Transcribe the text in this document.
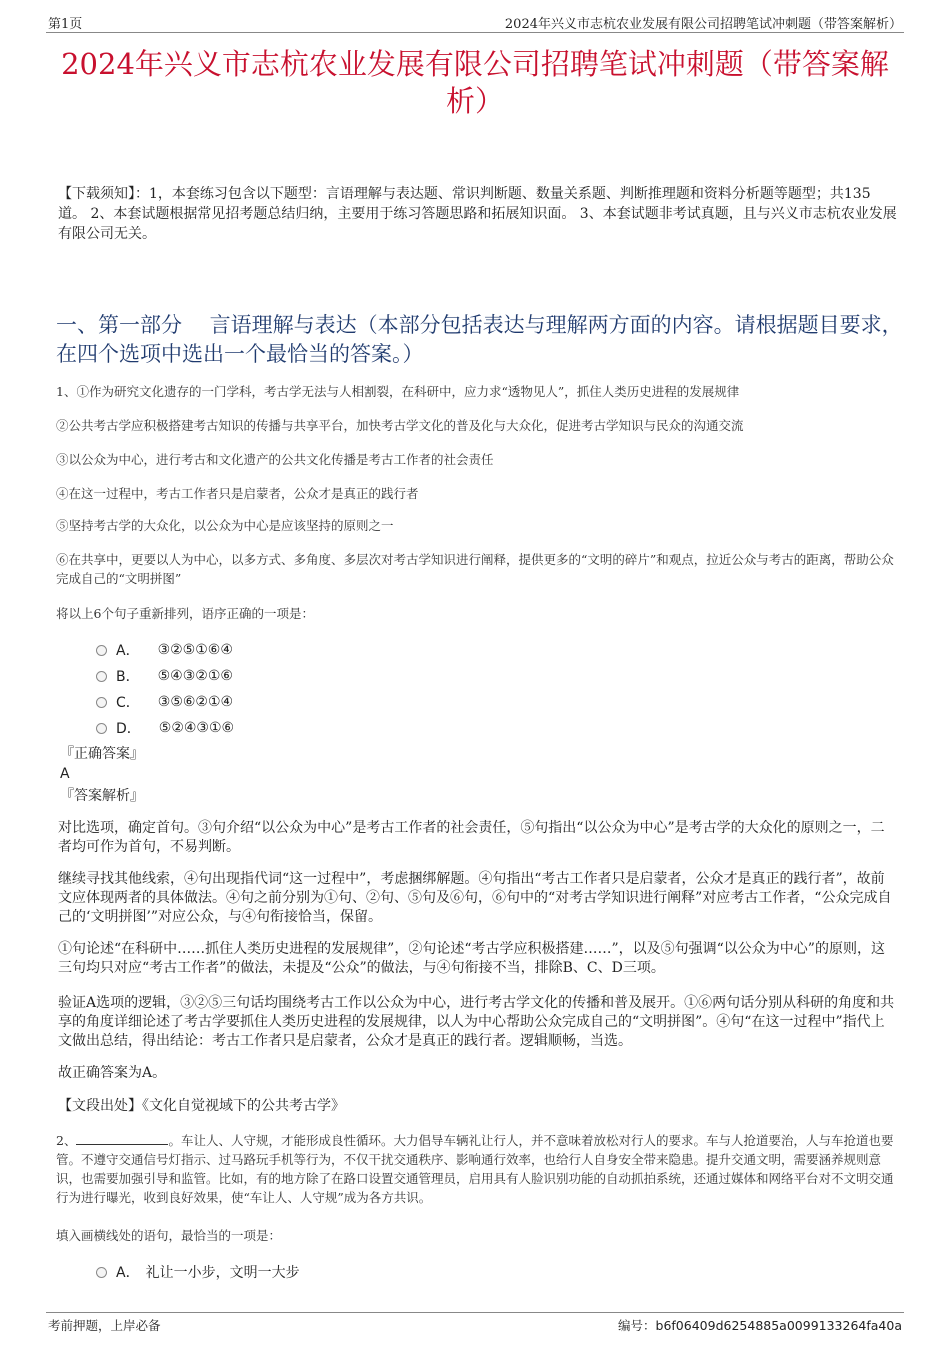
第1页	2024年兴义市志杭农业发展有限公司招聘笔试冲刺题（带答案解析）
2024年兴义市志杭农业发展有限公司招聘笔试冲刺题（带答案解析）
【下载须知】：1，本套练习包含以下题型：言语理解与表达题、常识判断题、数量关系题、判断推理题和资料分析题等题型；共135道。 2、本套试题根据常见招考题总结归纳，主要用于练习答题思路和拓展知识面。 3、本套试题非考试真题，且与兴义市志杭农业发展有限公司无关。
一、第一部分　 言语理解与表达（本部分包括表达与理解两方面的内容。请根据题目要求，在四个选项中选出一个最恰当的答案。）
1、①作为研究文化遗存的一门学科，考古学无法与人相割裂，在科研中，应力求“透物见人”，抓住人类历史进程的发展规律
②公共考古学应积极搭建考古知识的传播与共享平台，加快考古学文化的普及化与大众化，促进考古学知识与民众的沟通交流
③以公众为中心，进行考古和文化遗产的公共文化传播是考古工作者的社会责任
④在这一过程中，考古工作者只是启蒙者，公众才是真正的践行者
⑤坚持考古学的大众化，以公众为中心是应该坚持的原则之一
⑥在共享中，更要以人为中心，以多方式、多角度、多层次对考古学知识进行阐释，提供更多的“文明的碎片”和观点，拉近公众与考古的距离，帮助公众完成自己的“文明拼图”
将以上6个句子重新排列，语序正确的一项是：
A． ③②⑤①⑥④
B． ⑤④③②①⑥
C． ③⑤⑥②①④
D． ⑤②④③①⑥
『正确答案』
A
『答案解析』
对比选项，确定首句。③句介绍“以公众为中心”是考古工作者的社会责任，⑤句指出“以公众为中心”是考古学的大众化的原则之一，二者均可作为首句，不易判断。
继续寻找其他线索，④句出现指代词“这一过程中”，考虑捆绑解题。④句指出“考古工作者只是启蒙者，公众才是真正的践行者”，故前文应体现两者的具体做法。④句之前分别为①句、②句、⑤句及⑥句，⑥句中的“对考古学知识进行阐释”对应考古工作者，“公众完成自己的‘文明拼图’”对应公众，与④句衔接恰当，保留。
①句论述“在科研中……抓住人类历史进程的发展规律”，②句论述“考古学应积极搭建……”，以及⑤句强调“以公众为中心”的原则，这三句均只对应“考古工作者”的做法，未提及“公众”的做法，与④句衔接不当，排除B、C、D三项。
验证A选项的逻辑，③②⑤三句话均围绕考古工作以公众为中心，进行考古学文化的传播和普及展开。①⑥两句话分别从科研的角度和共享的角度详细论述了考古学要抓住人类历史进程的发展规律，以人为中心帮助公众完成自己的“文明拼图”。④句“在这一过程中”指代上文做出总结，得出结论：考古工作者只是启蒙者，公众才是真正的践行者。逻辑顺畅，当选。
故正确答案为A。
【文段出处】《文化自觉视域下的公共考古学》
2、	。车让人、人守规，才能形成良性循环。大力倡导车辆礼让行人，并不意味着放松对行人的要求。车与人抢道要治，人与车抢道也要管。不遵守交通信号灯指示、过马路玩手机等行为，不仅干扰交通秩序、影响通行效率，也给行人自身安全带来隐患。提升交通文明，需要涵养规则意识，也需要加强引导和监管。比如，有的地方除了在路口设置交通管理员，启用具有人脸识别功能的自动抓拍系统，还通过媒体和网络平台对不文明交通行为进行曝光，收到良好效果，使“车让人、人守规”成为各方共识。
填入画横线处的语句，最恰当的一项是：
A． 礼让一小步，文明一大步
考前押题，上岸必备	编号：b6f06409d6254885a0099133264fa40a
